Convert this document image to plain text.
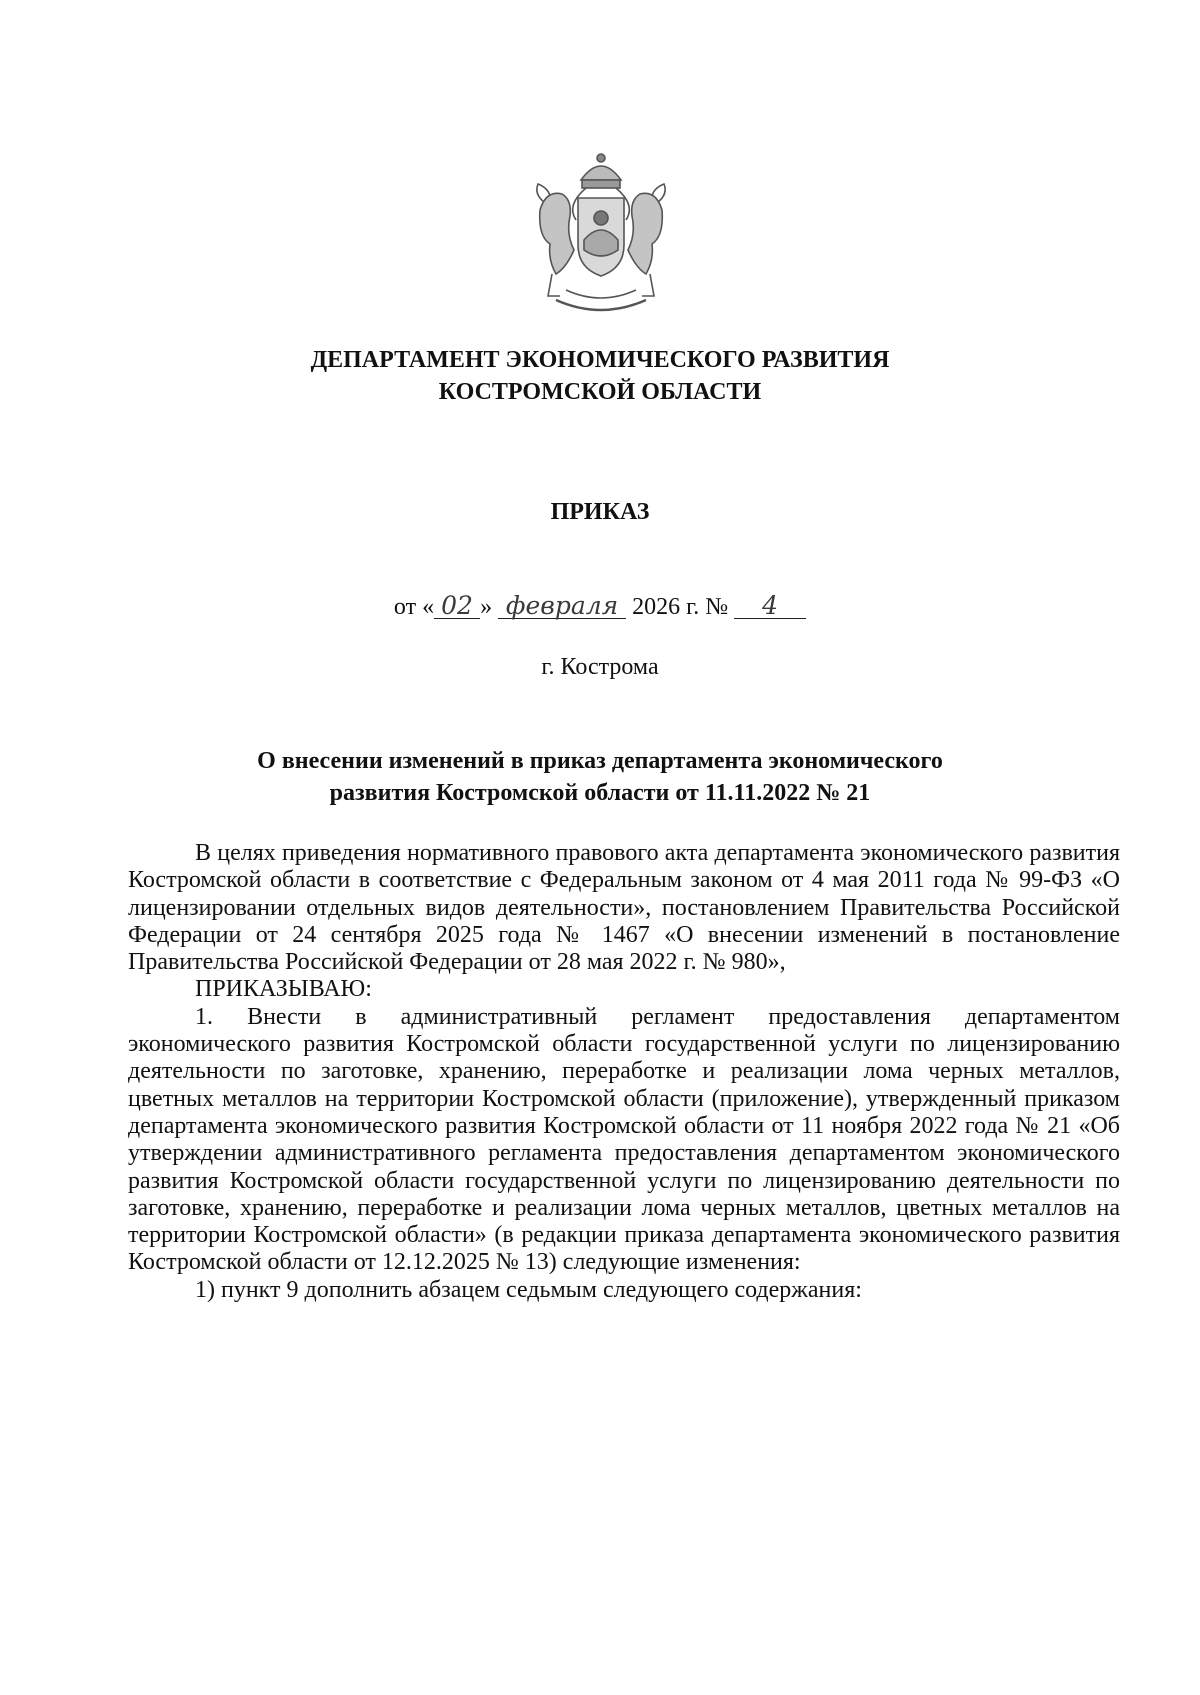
ДЕПАРТАМЕНТ ЭКОНОМИЧЕСКОГО РАЗВИТИЯ
КОСТРОМСКОЙ ОБЛАСТИ
ПРИКАЗ
от « 02 » февраля 2026 г. № 4
г. Кострома
О внесении изменений в приказ департамента экономического
развития Костромской области от 11.11.2022 № 21

В целях приведения нормативного правового акта департамента экономического развития Костромской области в соответствие с Федеральным законом от 4 мая 2011 года № 99-ФЗ «О лицензировании отдельных видов деятельности», постановлением Правительства Российской Федерации от 24 сентября 2025 года № 1467 «О внесении изменений в постановление Правительства Российской Федерации от 28 мая 2022 г. № 980»,

ПРИКАЗЫВАЮ:

1. Внести в административный регламент предоставления департаментом экономического развития Костромской области государственной услуги по лицензированию деятельности по заготовке, хранению, переработке и реализации лома черных металлов, цветных металлов на территории Костромской области (приложение), утвержденный приказом департамента экономического развития Костромской области от 11 ноября 2022 года № 21 «Об утверждении административного регламента предоставления департаментом экономического развития Костромской области государственной услуги по лицензированию деятельности по заготовке, хранению, переработке и реализации лома черных металлов, цветных металлов на территории Костромской области» (в редакции приказа департамента экономического развития Костромской области от 12.12.2025 № 13) следующие изменения:

1) пункт 9 дополнить абзацем седьмым следующего содержания:
